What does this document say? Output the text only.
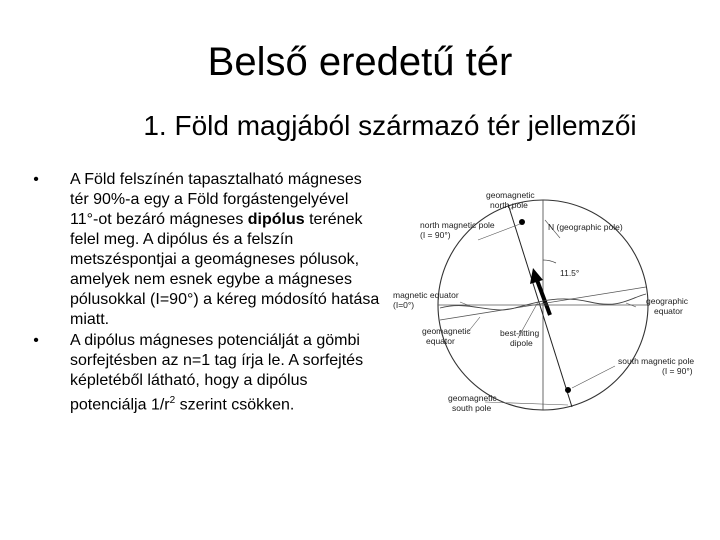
Belső eredetű tér
1. Föld magjából származó tér jellemzői
• A Föld felszínén tapasztalható mágneses tér 90%-a egy a Föld forgástengelyével 11°-ot bezáró mágneses dipólus terének felel meg. A dipólus és a felszín metszéspontjai a geomágneses pólusok, amelyek nem esnek egybe a mágneses pólusokkal (I=90°) a kéreg módosító hatása miatt.
• A dipólus mágneses potenciálját a gömbi sorfejtésben az n=1 tag írja le. A sorfejtés képletéből látható, hogy a dipólus potenciálja $1/r^2$ szerint csökken.
geomagnetic
north pole
north magnetic pole
(I = 90°)
N (geographic pole)
11.5°
magnetic equator
(I=0°)	geographic
equator
geomagnetic
equator
best-fitting
dipole
south magnetic pole
(I = 90°)
geomagnetic
south pole
